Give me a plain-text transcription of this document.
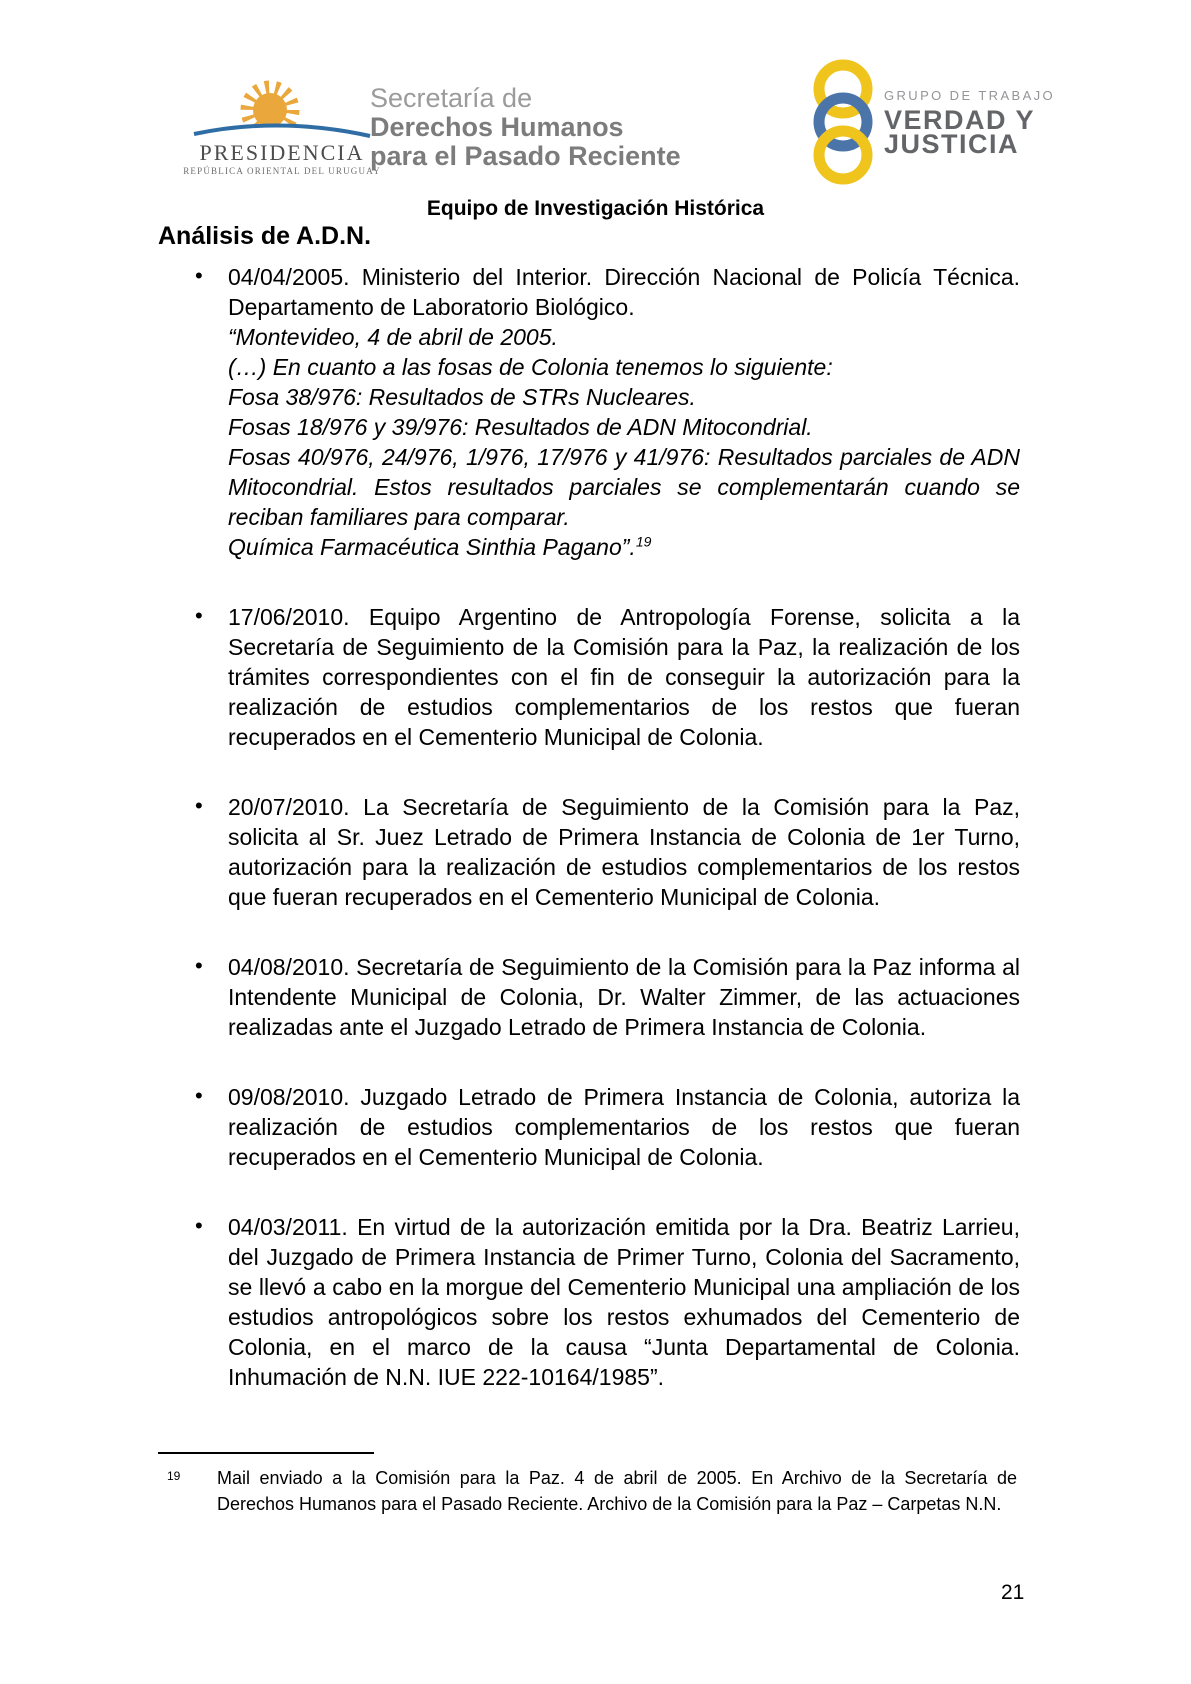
PRESIDENCIA
REPÚBLICA ORIENTAL DEL URUGUAY
Secretaría de
Derechos Humanos
para el Pasado Reciente
GRUPO DE TRABAJO
VERDAD Y
JUSTICIA
Equipo de Investigación Histórica
Análisis de A.D.N.
• 04/04/2005. Ministerio del Interior. Dirección Nacional de Policía Técnica. Departamento de Laboratorio Biológico.
“Montevideo, 4 de abril de 2005.
(…) En cuanto a las fosas de Colonia tenemos lo siguiente:
Fosa 38/976: Resultados de STRs Nucleares.
Fosas 18/976 y 39/976: Resultados de ADN Mitocondrial.
Fosas 40/976, 24/976, 1/976, 17/976 y 41/976: Resultados parciales de ADN Mitocondrial. Estos resultados parciales se complementarán cuando se reciban familiares para comparar.
Química Farmacéutica Sinthia Pagano”.$^{19}$
• 17/06/2010. Equipo Argentino de Antropología Forense, solicita a la Secretaría de Seguimiento de la Comisión para la Paz, la realización de los trámites correspondientes con el fin de conseguir la autorización para la realización de estudios complementarios de los restos que fueran recuperados en el Cementerio Municipal de Colonia.
• 20/07/2010. La Secretaría de Seguimiento de la Comisión para la Paz, solicita al Sr. Juez Letrado de Primera Instancia de Colonia de 1er Turno, autorización para la realización de estudios complementarios de los restos que fueran recuperados en el Cementerio Municipal de Colonia.
• 04/08/2010. Secretaría de Seguimiento de la Comisión para la Paz informa al Intendente Municipal de Colonia, Dr. Walter Zimmer, de las actuaciones realizadas ante el Juzgado Letrado de Primera Instancia de Colonia.
• 09/08/2010. Juzgado Letrado de Primera Instancia de Colonia, autoriza la realización de estudios complementarios de los restos que fueran recuperados en el Cementerio Municipal de Colonia.
• 04/03/2011. En virtud de la autorización emitida por la Dra. Beatriz Larrieu, del Juzgado de Primera Instancia de Primer Turno, Colonia del Sacramento, se llevó a cabo en la morgue del Cementerio Municipal una ampliación de los estudios antropológicos sobre los restos exhumados del Cementerio de Colonia, en el marco de la causa “Junta Departamental de Colonia. Inhumación de N.N. IUE 222-10164/1985”.
19	Mail enviado a la Comisión para la Paz. 4 de abril de 2005. En Archivo de la Secretaría de Derechos Humanos para el Pasado Reciente. Archivo de la Comisión para la Paz – Carpetas N.N.
21
